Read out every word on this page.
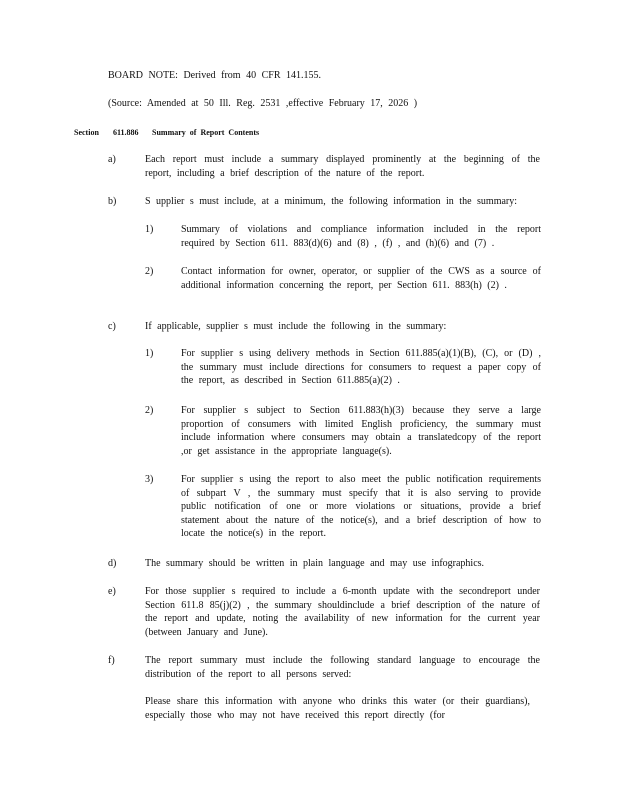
BOARD NOTE: Derived from 40 CFR 141.155.
(Source: Amended at 50 Ill. Reg. 2531 ,effective February 17, 2026 )
Section 611.886 Summary of Report Contents
a)	Each report must include a summary displayed prominently at the beginning of the report, including a brief description of the nature of the report.
b)	S upplier s must include, at a minimum, the following information in the summary:
1)	Summary of violations and compliance information included in the report required by Section 611. 883(d)(6) and (8) , (f) , and (h)(6) and (7) .
2)	Contact information for owner, operator, or supplier of the CWS as a source of additional information concerning the report, per Section 611. 883(h) (2) .
c)	If applicable, supplier s must include the following in the summary:
1)	For supplier s using delivery methods in Section 611.885(a)(1)(B), (C), or (D) , the summary must include directions for consumers to request a paper copy of the report, as described in Section 611.885(a)(2) .
2)	For supplier s subject to Section 611.883(h)(3) because they serve a large proportion of consumers with limited English proficiency, the summary must include information where consumers may obtain a translatedcopy of the report ,or get assistance in the appropriate language(s).
3)	For supplier s using the report to also meet the public notification requirements of subpart V , the summary must specify that it is also serving to provide public notification of one or more violations or situations, provide a brief statement about the nature of the notice(s), and a brief description of how to locate the notice(s) in the report.
d)	The summary should be written in plain language and may use infographics.
e)	For those supplier s required to include a 6-month update with the secondreport under Section 611.8 85(j)(2) , the summary shouldinclude a brief description of the nature of the report and update, noting the availability of new information for the current year (between January and June).
f)	The report summary must include the following standard language to encourage the distribution of the report to all persons served:
Please share this information with anyone who drinks this water (or their guardians), especially those who may not have received this report directly (for
